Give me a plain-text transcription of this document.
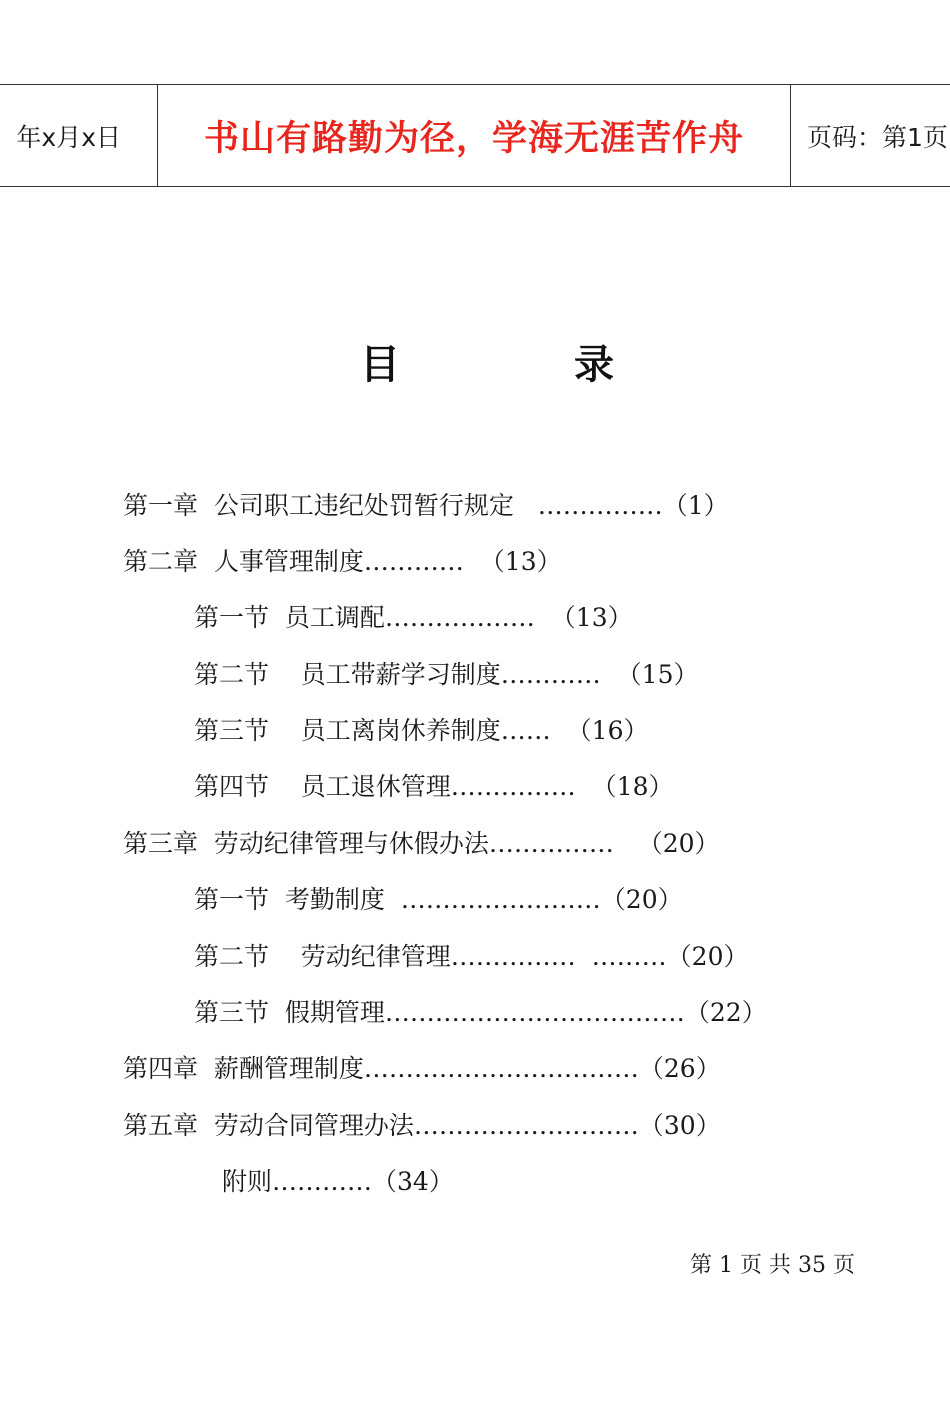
年x月x日	书山有路勤为径，学海无涯苦作舟	页码：第1页
目	录
第一章  公司职工违纪处罚暂行规定   ……………（1）
第二章  人事管理制度…………  （13）
第一节  员工调配………………  （13）
第二节    员工带薪学习制度…………  （15）
第三节    员工离岗休养制度……  （16）
第四节    员工退休管理……………  （18）
第三章  劳动纪律管理与休假办法……………   （20）
第一节  考勤制度  ……………………（20）
第二节    劳动纪律管理……………  ………（20）
第三节  假期管理………………………………（22）
第四章  薪酬管理制度……………………………（26）
第五章  劳动合同管理办法………………………（30）
附则…………（34）
第 1 页 共 35 页
